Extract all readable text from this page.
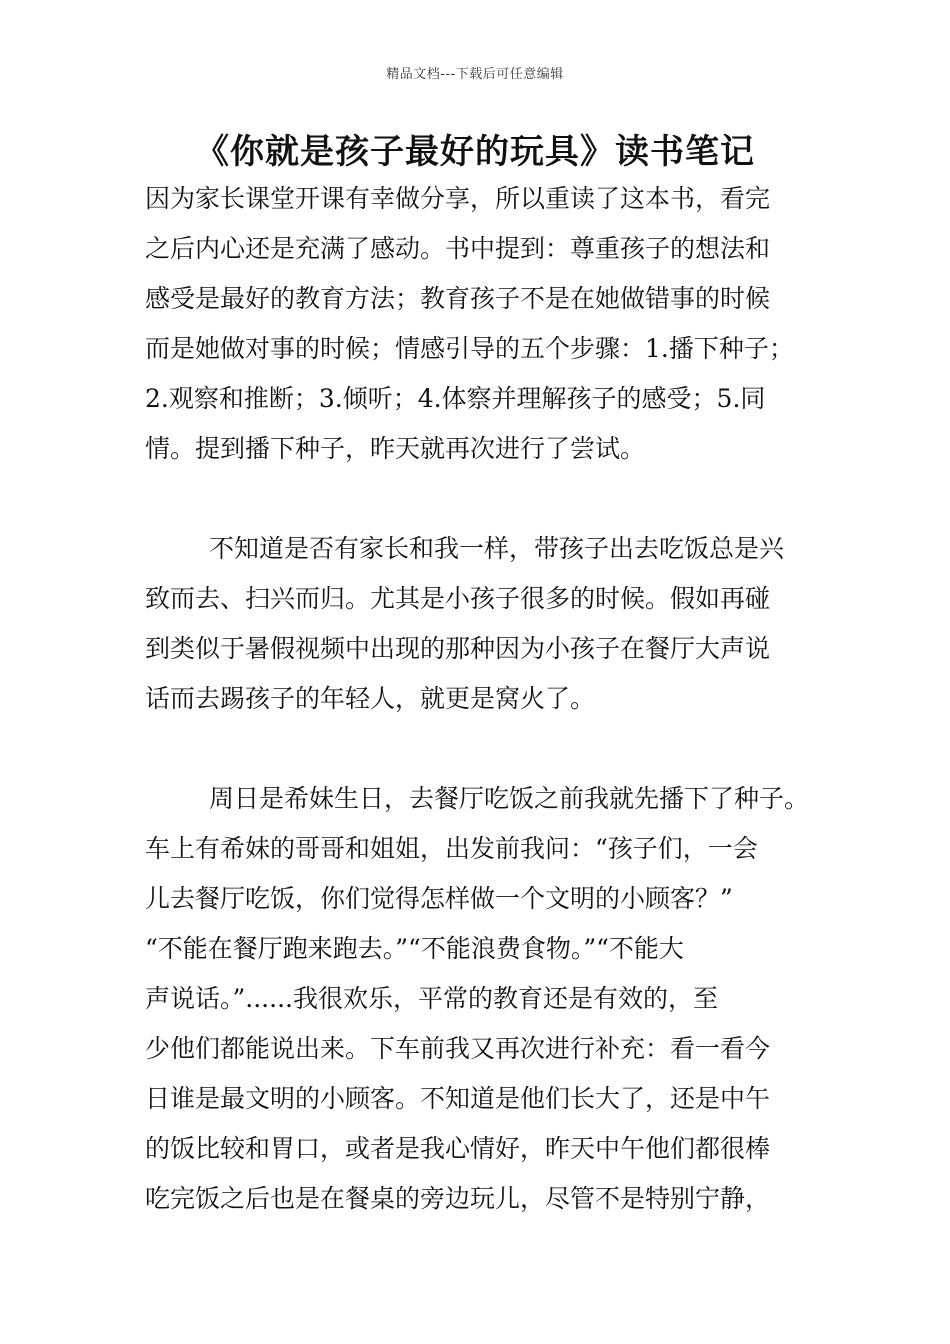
精品文档---下载后可任意编辑
《你就是孩子最好的玩具》读书笔记
因为家长课堂开课有幸做分享，所以重读了这本书，看完
之后内心还是充满了感动。书中提到：尊重孩子的想法和
感受是最好的教育方法；教育孩子不是在她做错事的时候
而是她做对事的时候；情感引导的五个步骤：1.播下种子；
2.观察和推断；3.倾听；4.体察并理解孩子的感受；5.同
情。提到播下种子，昨天就再次进行了尝试。
不知道是否有家长和我一样，带孩子出去吃饭总是兴
致而去、扫兴而归。尤其是小孩子很多的时候。假如再碰
到类似于暑假视频中出现的那种因为小孩子在餐厅大声说
话而去踢孩子的年轻人，就更是窝火了。
周日是希妹生日，去餐厅吃饭之前我就先播下了种子。
车上有希妹的哥哥和姐姐，出发前我问：“孩子们，一会
儿去餐厅吃饭，你们觉得怎样做一个文明的小顾客？”
“不能在餐厅跑来跑去。”“不能浪费食物。”“不能大
声说话。”......我很欢乐，平常的教育还是有效的，至
少他们都能说出来。下车前我又再次进行补充：看一看今
日谁是最文明的小顾客。不知道是他们长大了，还是中午
的饭比较和胃口，或者是我心情好，昨天中午他们都很棒
吃完饭之后也是在餐桌的旁边玩儿，尽管不是特别宁静，
